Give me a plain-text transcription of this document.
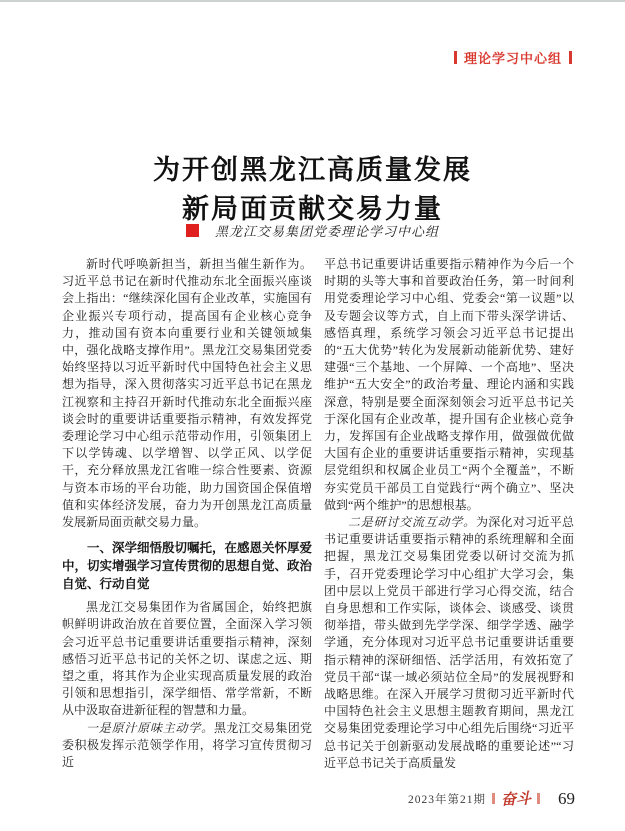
理论学习中心组
为开创黑龙江高质量发展
新局面贡献交易力量
黑龙江交易集团党委理论学习中心组

新时代呼唤新担当，新担当催生新作为。习近平总书记在新时代推动东北全面振兴座谈会上指出：“继续深化国有企业改革，实施国有企业振兴专项行动，提高国有企业核心竞争力，推动国有资本向重要行业和关键领域集中，强化战略支撑作用”。黑龙江交易集团党委始终坚持以习近平新时代中国特色社会主义思想为指导，深入贯彻落实习近平总书记在黑龙江视察和主持召开新时代推动东北全面振兴座谈会时的重要讲话重要指示精神，有效发挥党委理论学习中心组示范带动作用，引领集团上下以学铸魂、以学增智、以学正风、以学促干，充分释放黑龙江省唯一综合性要素、资源与资本市场的平台功能，助力国资国企保值增值和实体经济发展，奋力为开创黑龙江高质量发展新局面贡献交易力量。

一、深学细悟殷切嘱托，在感恩关怀厚爱中，切实增强学习宣传贯彻的思想自觉、政治自觉、行动自觉

黑龙江交易集团作为省属国企，始终把旗帜鲜明讲政治放在首要位置，全面深入学习领会习近平总书记重要讲话重要指示精神，深刻感悟习近平总书记的关怀之切、谋虑之远、期望之重，将其作为企业实现高质量发展的政治引领和思想指引，深学细悟、常学常新，不断从中汲取奋进新征程的智慧和力量。

一是原汁原味主动学。黑龙江交易集团党委积极发挥示范领学作用，将学习宣传贯彻习近

平总书记重要讲话重要指示精神作为今后一个时期的头等大事和首要政治任务，第一时间利用党委理论学习中心组、党委会“第一议题”以及专题会议等方式，自上而下带头深学讲话、感悟真理，系统学习领会习近平总书记提出的“五大优势”转化为发展新动能新优势、建好建强“三个基地、一个屏障、一个高地”、坚决维护“五大安全”的政治考量、理论内涵和实践深意，特别是要全面深刻领会习近平总书记关于深化国有企业改革，提升国有企业核心竞争力，发挥国有企业战略支撑作用，做强做优做大国有企业的重要讲话重要指示精神，实现基层党组织和权属企业员工“两个全覆盖”，不断夯实党员干部员工自觉践行“两个确立”、坚决做到“两个维护”的思想根基。

二是研讨交流互动学。为深化对习近平总书记重要讲话重要指示精神的系统理解和全面把握，黑龙江交易集团党委以研讨交流为抓手，召开党委理论学习中心组扩大学习会，集团中层以上党员干部进行学习心得交流，结合自身思想和工作实际，谈体会、谈感受、谈贯彻举措，带头做到先学学深、细学学透、融学学通，充分体现对习近平总书记重要讲话重要指示精神的深研细悟、活学活用，有效拓宽了党员干部“谋一域必须站位全局”的发展视野和战略思维。在深入开展学习贯彻习近平新时代中国特色社会主义思想主题教育期间，黑龙江交易集团党委理论学习中心组先后围绕“习近平总书记关于创新驱动发展战略的重要论述”“习近平总书记关于高质量发

2023年第21期 奋斗 69
